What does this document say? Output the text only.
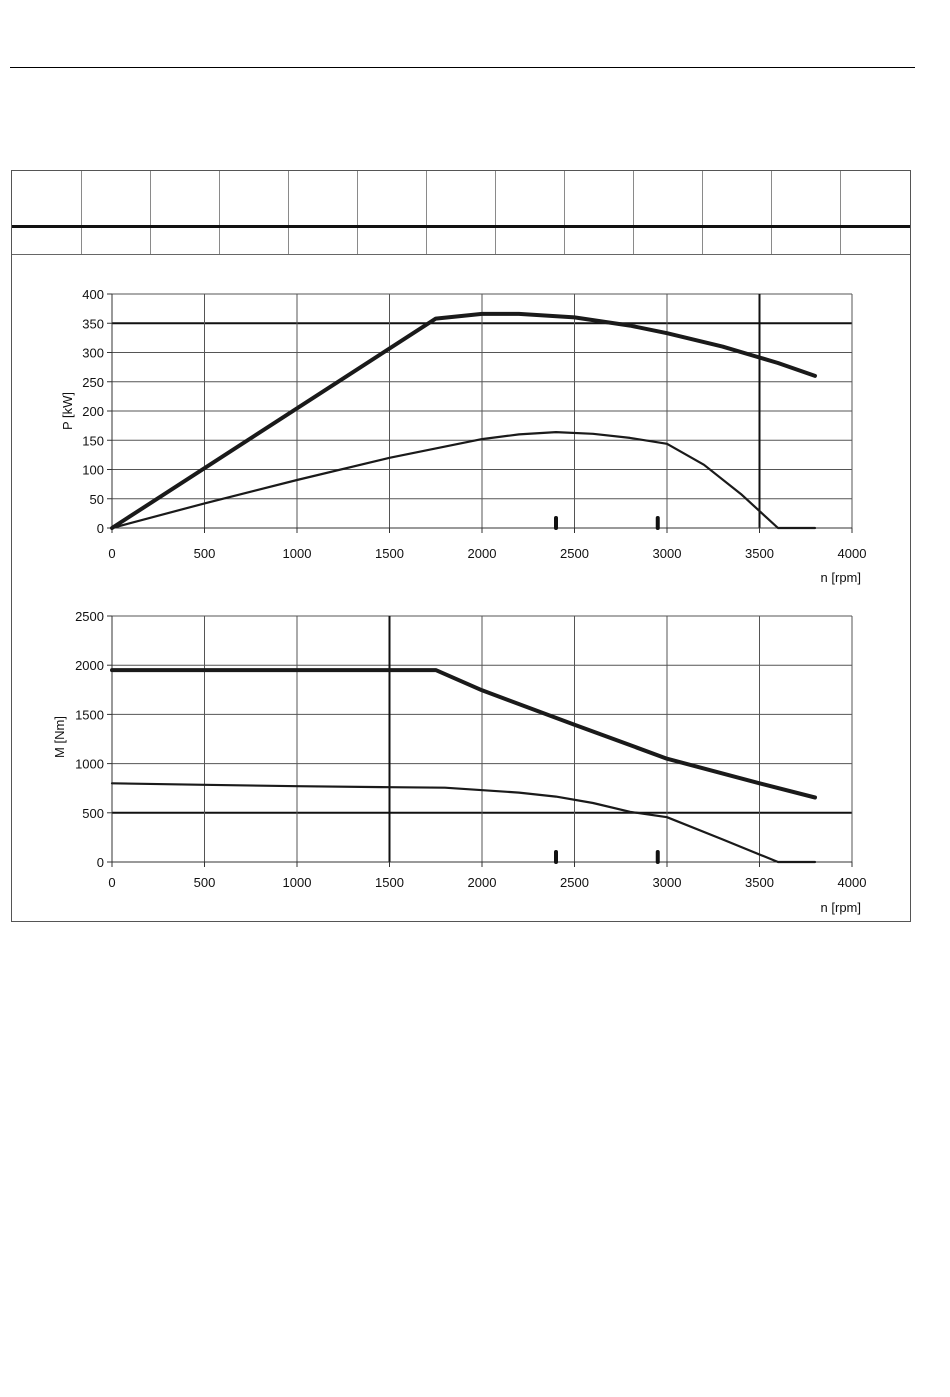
0
50
100
150
200
250
300
350
400
0	500	1000	1500	2000	2500	3000	3500	4000
n [rpm]
P [kW]
0
500
1000
1500
2000
2500
0	500	1000	1500	2000	2500	3000	3500	4000
n [rpm]
M [Nm]
